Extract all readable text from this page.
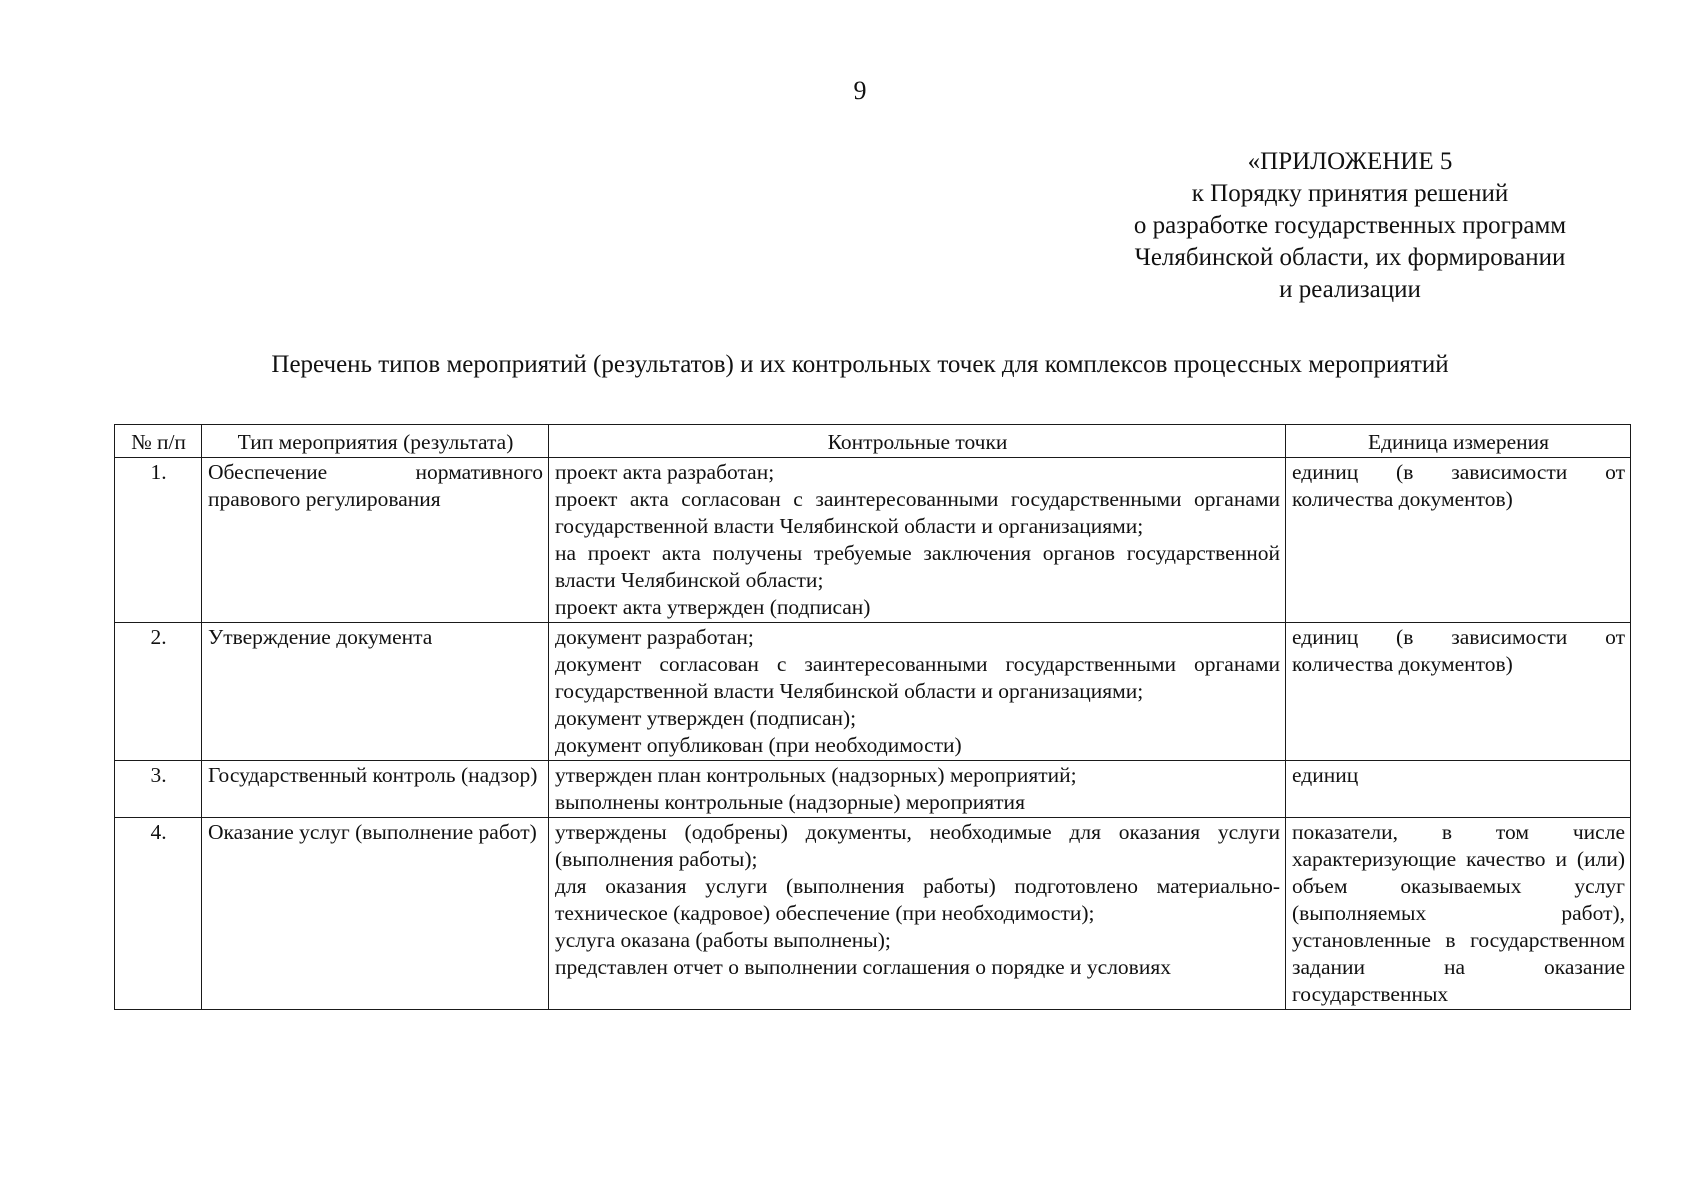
9
«ПРИЛОЖЕНИЕ 5
к Порядку принятия решений
о разработке государственных программ
Челябинской области, их формировании
и реализации
Перечень типов мероприятий (результатов) и их контрольных точек для комплексов процессных мероприятий
№ п/п	Тип мероприятия (результата)	Контрольные точки	Единица измерения
1.	Обеспечение нормативного правового регулирования	проект акта разработан;
проект акта согласован с заинтересованными государственными органами государственной власти Челябинской области и организациями;
на проект акта получены требуемые заключения органов государственной власти Челябинской области;
проект акта утвержден (подписан)	единиц (в зависимости от количества документов)
2.	Утверждение документа	документ разработан;
документ согласован с заинтересованными государственными органами государственной власти Челябинской области и организациями;
документ утвержден (подписан);
документ опубликован (при необходимости)	единиц (в зависимости от количества документов)
3.	Государственный контроль (надзор)	утвержден план контрольных (надзорных) мероприятий;
выполнены контрольные (надзорные) мероприятия	единиц
4.	Оказание услуг (выполнение работ)	утверждены (одобрены) документы, необходимые для оказания услуги (выполнения работы);
для оказания услуги (выполнения работы) подготовлено материально-техническое (кадровое) обеспечение (при необходимости);
услуга оказана (работы выполнены);
представлен отчет о выполнении соглашения о порядке и условиях	показатели, в том числе характеризующие качество и (или) объем оказываемых услуг (выполняемых работ), установленные в государственном задании на оказание государственных
